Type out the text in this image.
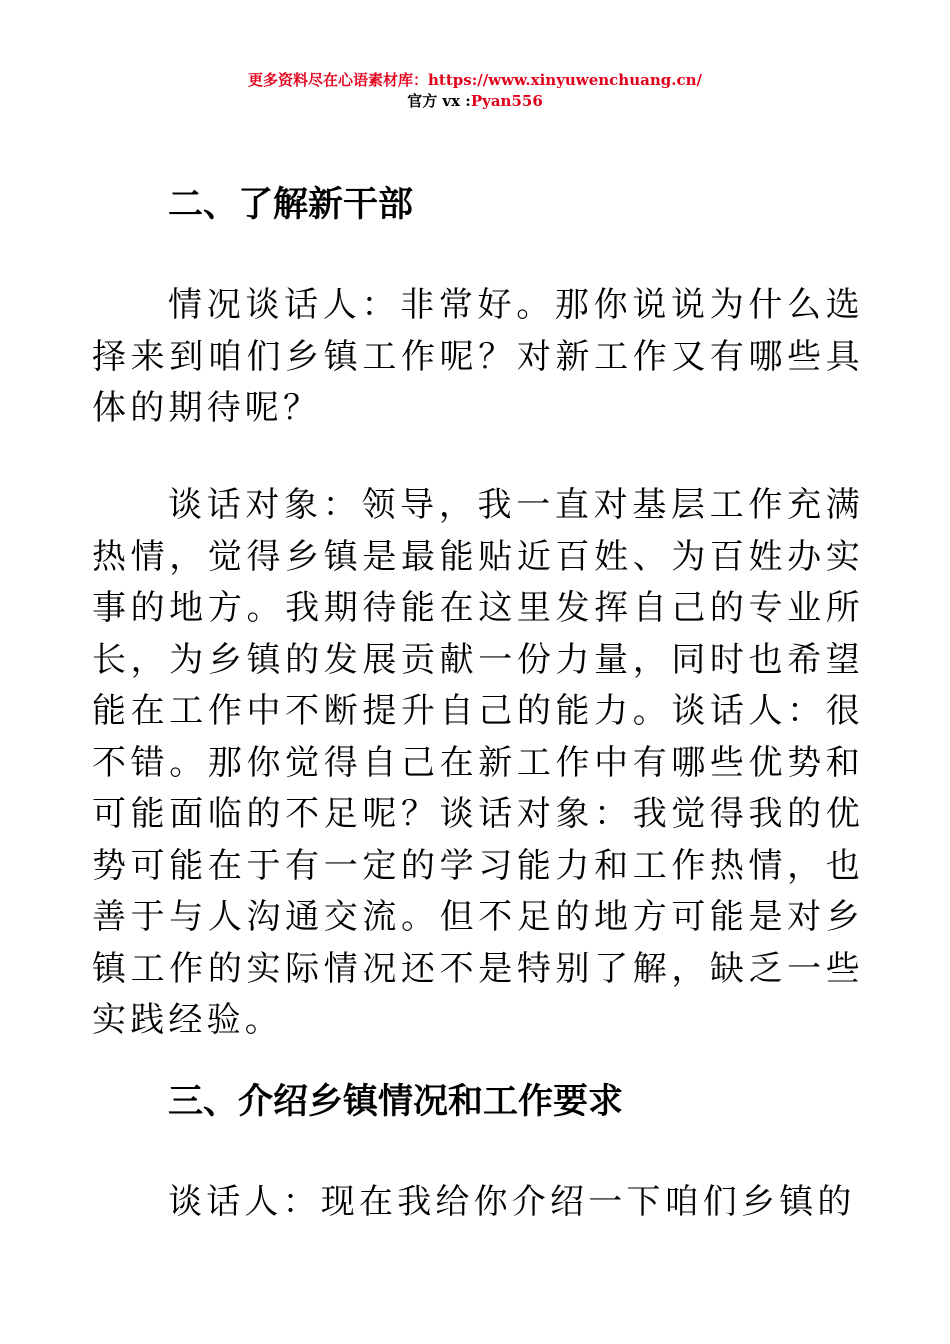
更多资料尽在心语素材库：https://www.xinyuwenchuang.cn/
官方 vx :Pyan556
二、了解新干部
情况谈话人：非常好。那你说说为什么选择来到咱们乡镇工作呢？对新工作又有哪些具体的期待呢？
谈话对象：领导，我一直对基层工作充满热情，觉得乡镇是最能贴近百姓、为百姓办实事的地方。我期待能在这里发挥自己的专业所长，为乡镇的发展贡献一份力量，同时也希望能在工作中不断提升自己的能力。谈话人：很不错。那你觉得自己在新工作中有哪些优势和可能面临的不足呢？谈话对象：我觉得我的优势可能在于有一定的学习能力和工作热情，也善于与人沟通交流。但不足的地方可能是对乡镇工作的实际情况还不是特别了解，缺乏一些实践经验。
三、介绍乡镇情况和工作要求
谈话人：现在我给你介绍一下咱们乡镇的
